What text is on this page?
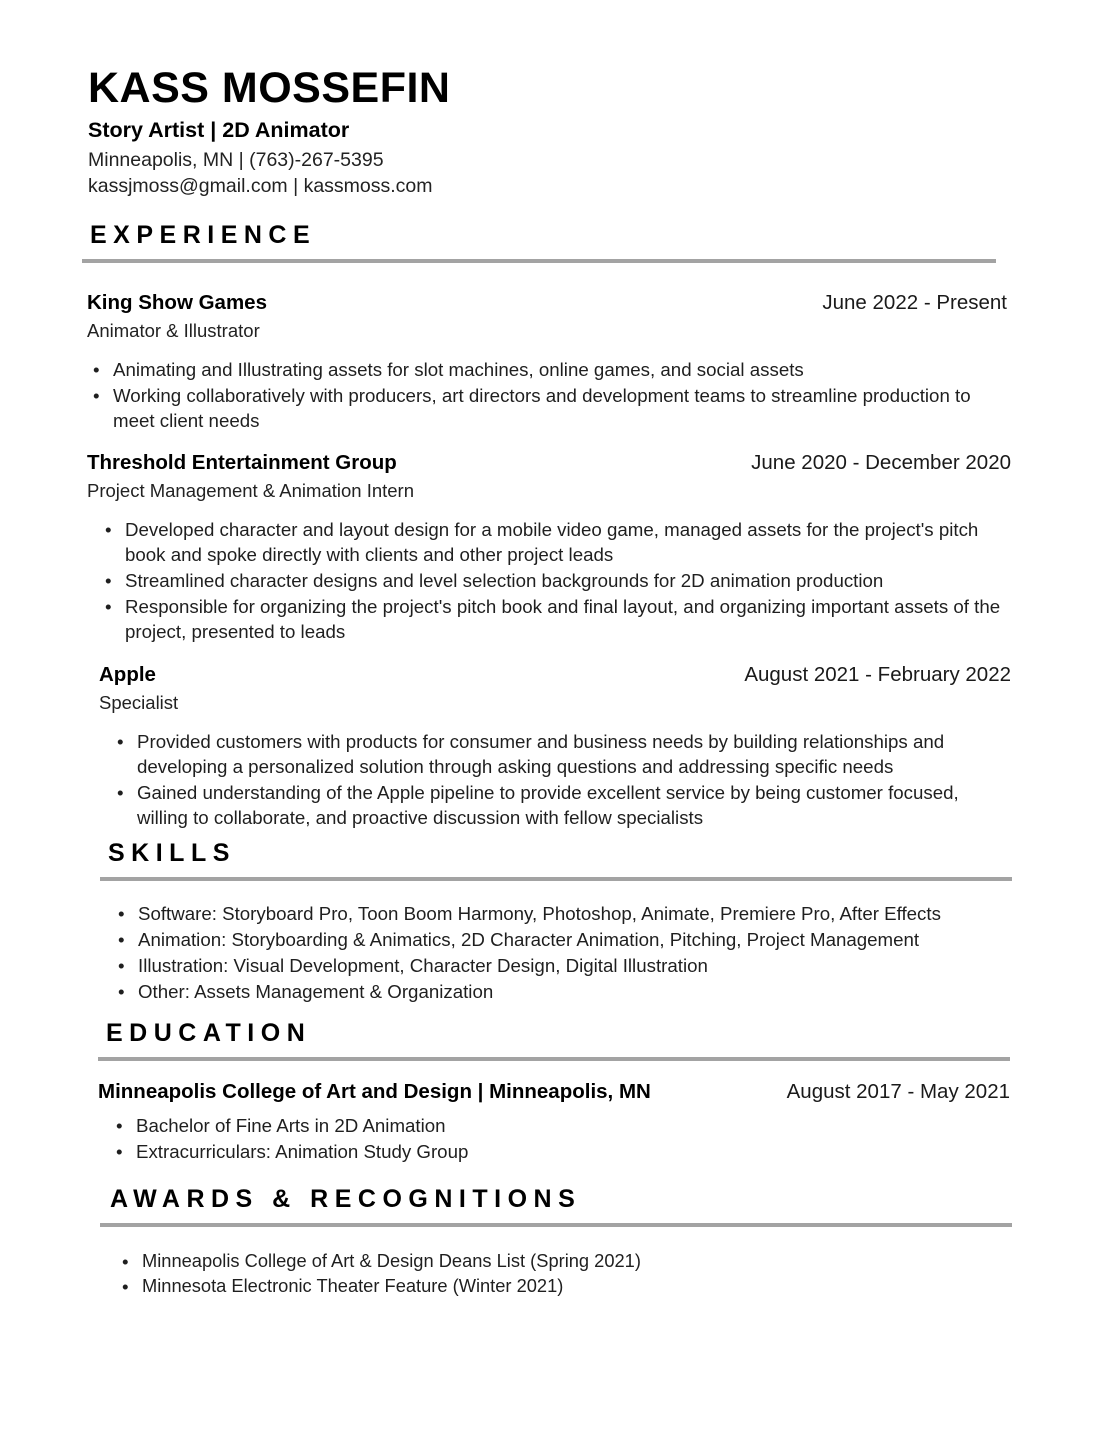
KASS MOSSEFIN
Story Artist | 2D Animator
Minneapolis, MN | (763)-267-5395
kassjmoss@gmail.com | kassmoss.com
EXPERIENCE
King Show Games	June 2022 - Present
Animator & Illustrator
• Animating and Illustrating assets for slot machines, online games, and social assets
• Working collaboratively with producers, art directors and development teams to streamline production to meet client needs
Threshold Entertainment Group	June 2020 - December 2020
Project Management & Animation Intern
• Developed character and layout design for a mobile video game, managed assets for the project's pitch book and spoke directly with clients and other project leads
• Streamlined character designs and level selection backgrounds for 2D animation production
• Responsible for organizing the project's pitch book and final layout, and organizing important assets of the project, presented to leads
Apple	August 2021 - February 2022
Specialist
• Provided customers with products for consumer and business needs by building relationships and developing a personalized solution through asking questions and addressing specific needs
• Gained understanding of the Apple pipeline to provide excellent service by being customer focused, willing to collaborate, and proactive discussion with fellow specialists
SKILLS
• Software: Storyboard Pro, Toon Boom Harmony, Photoshop, Animate, Premiere Pro, After Effects
• Animation: Storyboarding & Animatics, 2D Character Animation, Pitching, Project Management
• Illustration: Visual Development, Character Design, Digital Illustration
• Other: Assets Management & Organization
EDUCATION
Minneapolis College of Art and Design | Minneapolis, MN	August 2017 - May 2021
• Bachelor of Fine Arts in 2D Animation
• Extracurriculars: Animation Study Group
AWARDS & RECOGNITIONS
• Minneapolis College of Art & Design Deans List (Spring 2021)
• Minnesota Electronic Theater Feature (Winter 2021)
